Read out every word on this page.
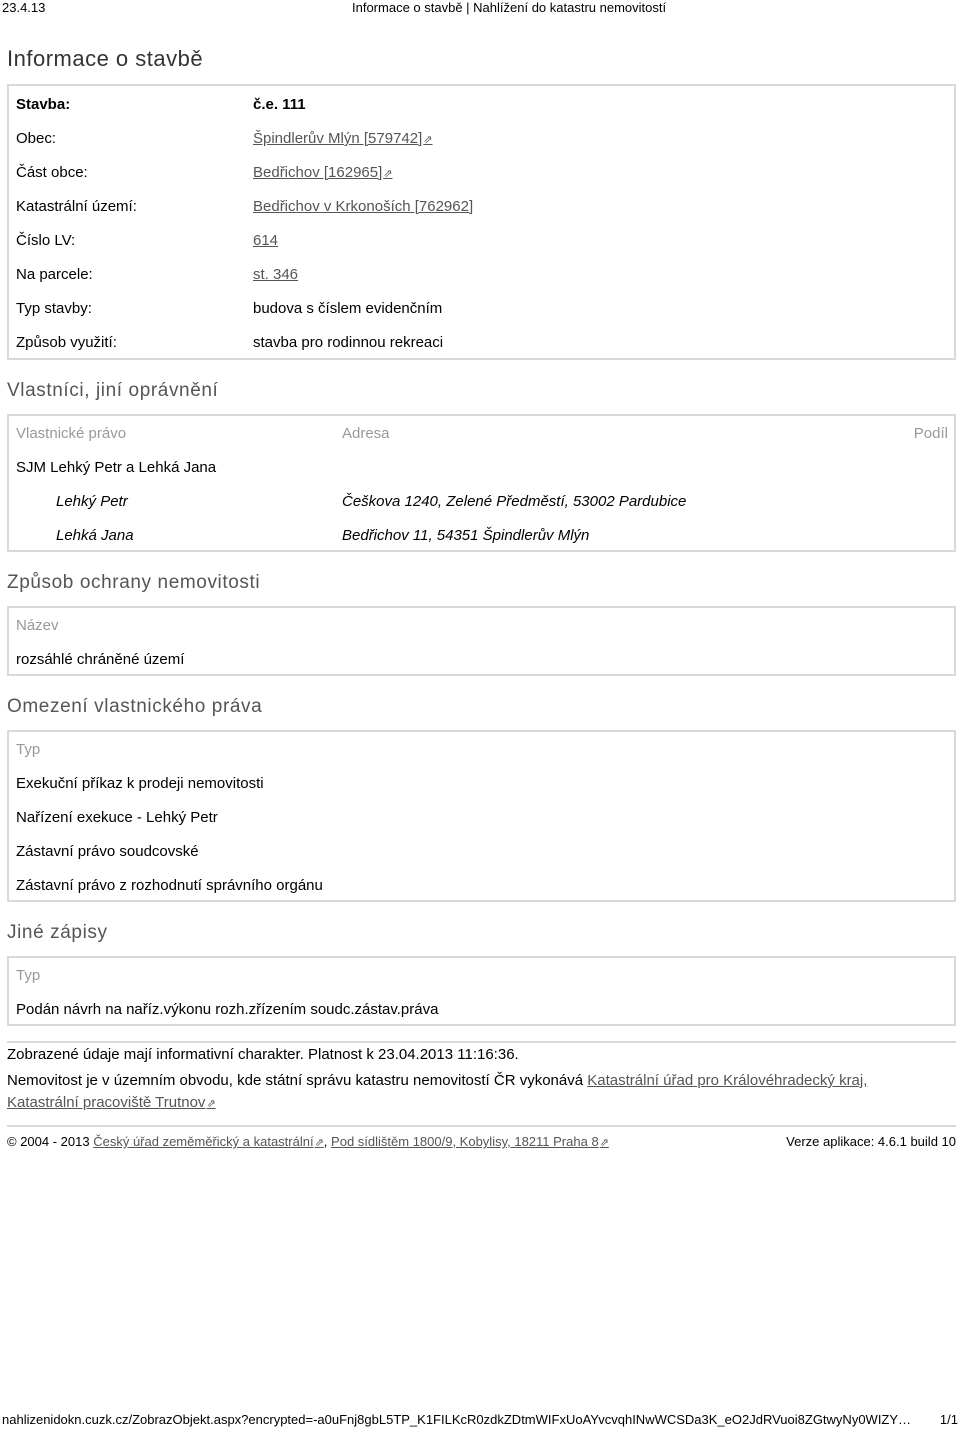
23.4.13	Informace o stavbě | Nahlížení do katastru nemovitostí
Informace o stavbě
Stavba:	č.e. 111
Obec:	Špindlerův Mlýn [579742]⇗
Část obce:	Bedřichov [162965]⇗
Katastrální území:	Bedřichov v Krkonoších [762962]
Číslo LV:	614
Na parcele:	st. 346
Typ stavby:	budova s číslem evidenčním
Způsob využití:	stavba pro rodinnou rekreaci
Vlastníci, jiní oprávnění
Vlastnické právo	Adresa	Podíl
SJM Lehký Petr a Lehká Jana
Lehký Petr	Češkova 1240, Zelené Předměstí, 53002 Pardubice
Lehká Jana	Bedřichov 11, 54351 Špindlerův Mlýn
Způsob ochrany nemovitosti
Název
rozsáhlé chráněné území
Omezení vlastnického práva
Typ
Exekuční příkaz k prodeji nemovitosti
Nařízení exekuce - Lehký Petr
Zástavní právo soudcovské
Zástavní právo z rozhodnutí správního orgánu
Jiné zápisy
Typ
Podán návrh na naříz.výkonu rozh.zřízením soudc.zástav.práva
Zobrazené údaje mají informativní charakter. Platnost k 23.04.2013 11:16:36.
Nemovitost je v územním obvodu, kde státní správu katastru nemovitostí ČR vykonává Katastrální úřad pro Královéhradecký kraj,
Katastrální pracoviště Trutnov⇗
© 2004 - 2013 Český úřad zeměměřický a katastrální⇗, Pod sídlištěm 1800/9, Kobylisy, 18211 Praha 8⇗	Verze aplikace: 4.6.1 build 10
nahlizenidokn.cuzk.cz/ZobrazObjekt.aspx?encrypted=-a0uFnj8gbL5TP_K1FILKcR0zdkZDtmWIFxUoAYvcvqhINwWCSDa3K_eO2JdRVuoi8ZGtwyNy0WIZY… 1/1
